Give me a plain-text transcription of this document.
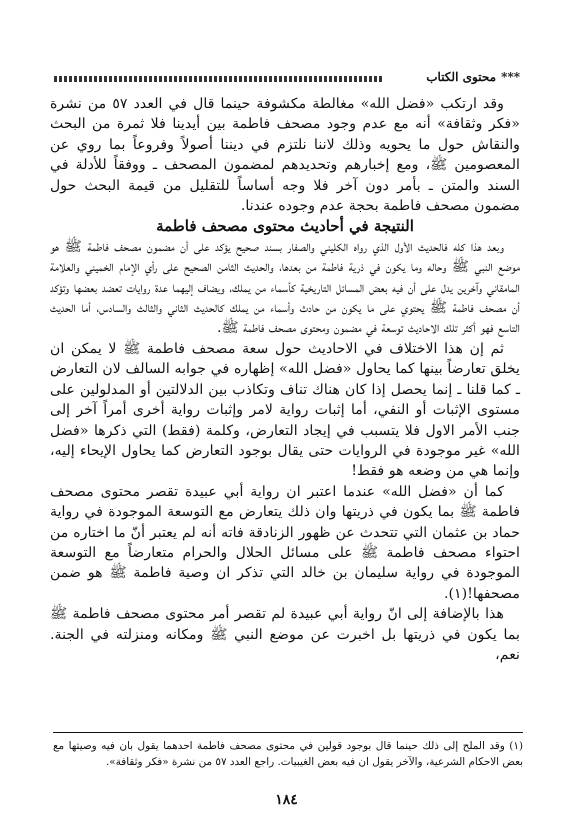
***
محتوى الكتاب

وقد ارتكب «فضل الله» مغالطة مكشوفة حينما قال في العدد ٥٧ من نشرة «فكر وثقافة» أنه مع عدم وجود مصحف فاطمة بين أيدينا فلا ثمرة من البحث والنقاش حول ما يحويه وذلك لاننا نلتزم في ديننا أصولاً وفروعاً بما روي عن المعصومين ﷺ، ومع إخبارهم وتحديدهم لمضمون المصحف ـ ووفقاً للأدلة في السند والمتن ـ بأمر دون آخر فلا وجه أساساً للتقليل من قيمة البحث حول مضمون مصحف فاطمة بحجة عدم وجوده عندنا.

النتيجة في أحاديث محتوى مصحف فاطمة

وبعد هذا كله فالحديث الأول الذي رواه الكليني والصفار بسند صحيح يؤكد على أن مضمون مصحف فاطمة ﷺ هو موضع النبي ﷺ وحاله وما يكون في ذرية فاطمة من بعدها، والحديث الثامن الصحيح على رأي الإمام الخميني والعلامة المامقاني وآخرين يدل على أن فيه بعض المسائل التاريخية كأسماء من يملك، ويضاف إليهما عدة روايات تعضد بعضها وتؤكد أن مصحف فاطمة ﷺ يحتوي على ما يكون من حادث وأسماء من يملك كالحديث الثاني والثالث والسادس، أما الحديث التاسع فهو أكثر تلك الاحاديث توسعة في مضمون ومحتوى مصحف فاطمة ﷺ.

ثم إن هذا الاختلاف في الاحاديث حول سعة مصحف فاطمة ﷺ لا يمكن ان يخلق تعارضاً بينها كما يحاول «فضل الله» إظهاره في جوابه السالف لان التعارض ـ كما قلنا ـ إنما يحصل إذا كان هناك تناف وتكاذب بين الدلالتين أو المدلولين على مستوى الإثبات أو النفي، أما إثبات رواية لامر وإثبات رواية أخرى أمراً آخر إلى جنب الأمر الاول فلا يتسبب في إيجاد التعارض، وكلمة (فقط) التي ذكرها «فضل الله» غير موجودة في الروايات حتى يقال بوجود التعارض كما يحاول الإيحاء إليه، وإنما هي من وضعه هو فقط!

كما أن «فضل الله» عندما اعتبر ان رواية أبي عبيدة تقصر محتوى مصحف فاطمة ﷺ بما يكون في ذريتها وان ذلك يتعارض مع التوسعة الموجودة في رواية حماد بن عثمان التي تتحدث عن ظهور الزنادقة فاته أنه لم يعتبر أنّ ما اختاره من احتواء مصحف فاطمة ﷺ على مسائل الحلال والحرام متعارضاً مع التوسعة الموجودة في رواية سليمان بن خالد التي تذكر ان وصية فاطمة ﷺ هو ضمن مصحفها!(١).

هذا بالإضافة إلى انّ رواية أبي عبيدة لم تقصر أمر محتوى مصحف فاطمة ﷺ بما يكون في ذريتها بل اخبرت عن موضع النبي ﷺ ومكانه ومنزلته في الجنة. نعم،

(١) وقد الملح إلى ذلك حينما قال بوجود قولين في محتوى مصحف فاطمة احدهما يقول بان فيه وصيتها مع بعض الاحكام الشرعية، والآخر يقول ان فيه بعض الغيبيات. راجع العدد ٥٧ من نشرة «فكر وثقافة».
١٨٤
